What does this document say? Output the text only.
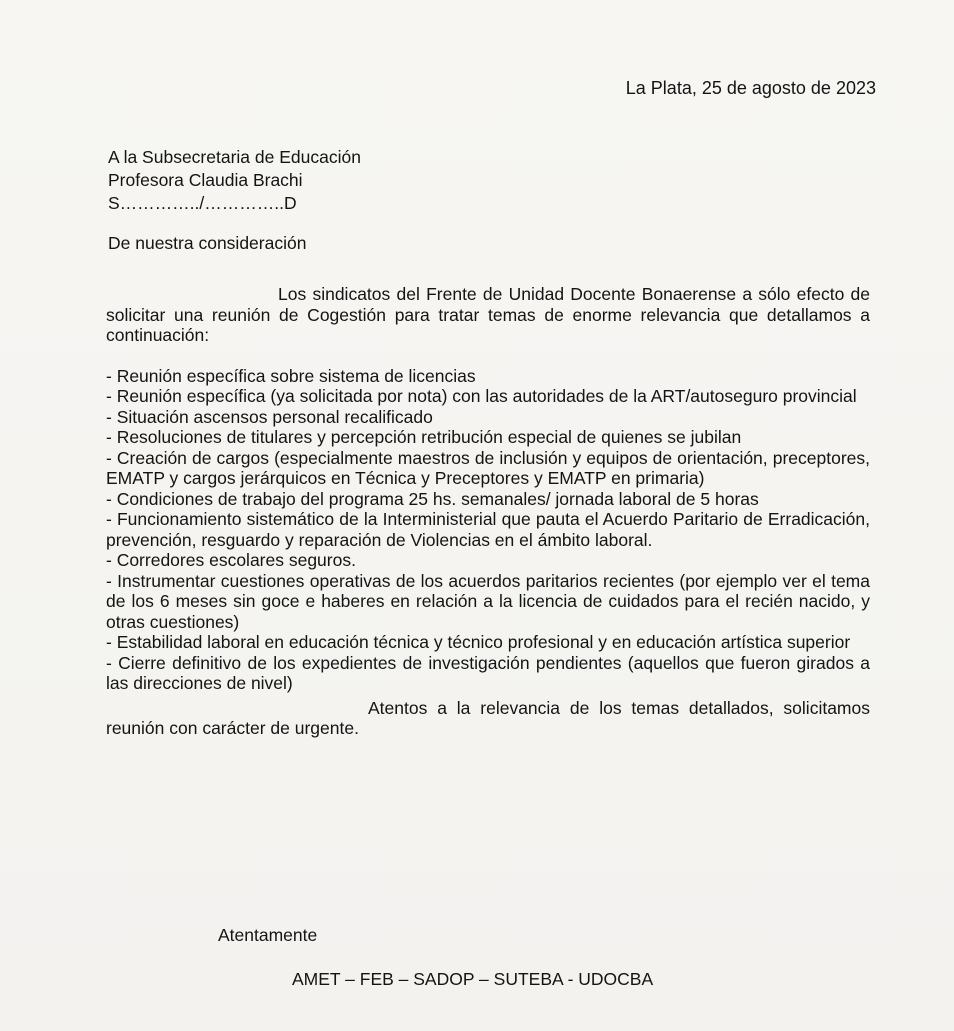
La Plata, 25 de agosto de 2023
A la Subsecretaria de Educación
Profesora Claudia Brachi
S…………../…………..D
De nuestra consideración

Los sindicatos del Frente de Unidad Docente Bonaerense a sólo efecto de solicitar una reunión de Cogestión para tratar temas de enorme relevancia que detallamos a continuación:

- Reunión específica sobre sistema de licencias
- Reunión específica (ya solicitada por nota) con las autoridades de la ART/autoseguro provincial
- Situación ascensos personal recalificado
- Resoluciones de titulares y percepción retribución especial de quienes se jubilan
- Creación de cargos (especialmente maestros de inclusión y equipos de orientación, preceptores, EMATP y cargos jerárquicos en Técnica y Preceptores y EMATP en primaria)
- Condiciones de trabajo del programa 25 hs. semanales/ jornada laboral de 5 horas
- Funcionamiento sistemático de la Interministerial que pauta el Acuerdo Paritario de Erradicación, prevención, resguardo y reparación de Violencias en el ámbito laboral.
- Corredores escolares seguros.
- Instrumentar cuestiones operativas de los acuerdos paritarios recientes (por ejemplo ver el tema de los 6 meses sin goce e haberes en relación a la licencia de cuidados para el recién nacido, y otras cuestiones)
- Estabilidad laboral en educación técnica y técnico profesional y en educación artística superior
- Cierre definitivo de los expedientes de investigación pendientes (aquellos que fueron girados a las direcciones de nivel)

Atentos a la relevancia de los temas detallados, solicitamos reunión con carácter de urgente.

Atentamente
AMET – FEB – SADOP – SUTEBA - UDOCBA
